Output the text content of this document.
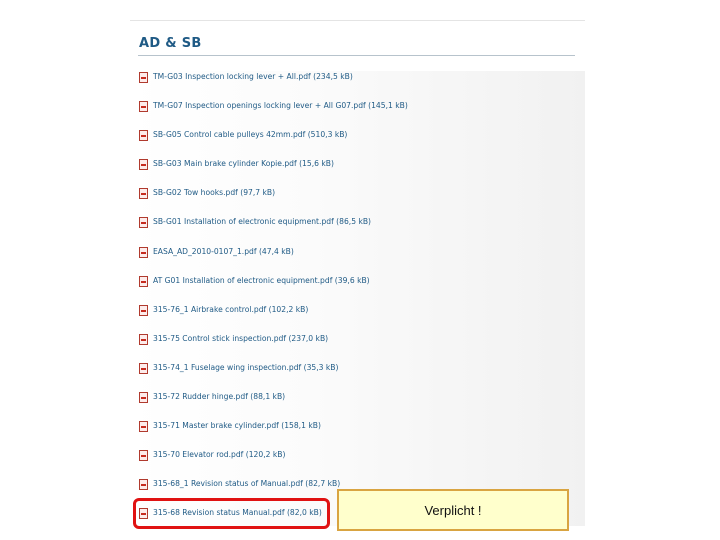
AD & SB
TM-G03 Inspection locking lever + All.pdf (234,5 kB)
TM-G07 Inspection openings locking lever + All G07.pdf (145,1 kB)
SB-G05 Control cable pulleys 42mm.pdf (510,3 kB)
SB-G03 Main brake cylinder Kopie.pdf (15,6 kB)
SB-G02 Tow hooks.pdf (97,7 kB)
SB-G01 Installation of electronic equipment.pdf (86,5 kB)
EASA_AD_2010-0107_1.pdf (47,4 kB)
AT G01 Installation of electronic equipment.pdf (39,6 kB)
315-76_1 Airbrake control.pdf (102,2 kB)
315-75 Control stick inspection.pdf (237,0 kB)
315-74_1 Fuselage wing inspection.pdf (35,3 kB)
315-72 Rudder hinge.pdf (88,1 kB)
315-71 Master brake cylinder.pdf (158,1 kB)
315-70 Elevator rod.pdf (120,2 kB)
315-68_1 Revision status of Manual.pdf (82,7 kB)
315-68 Revision status Manual.pdf (82,0 kB)	Verplicht !
